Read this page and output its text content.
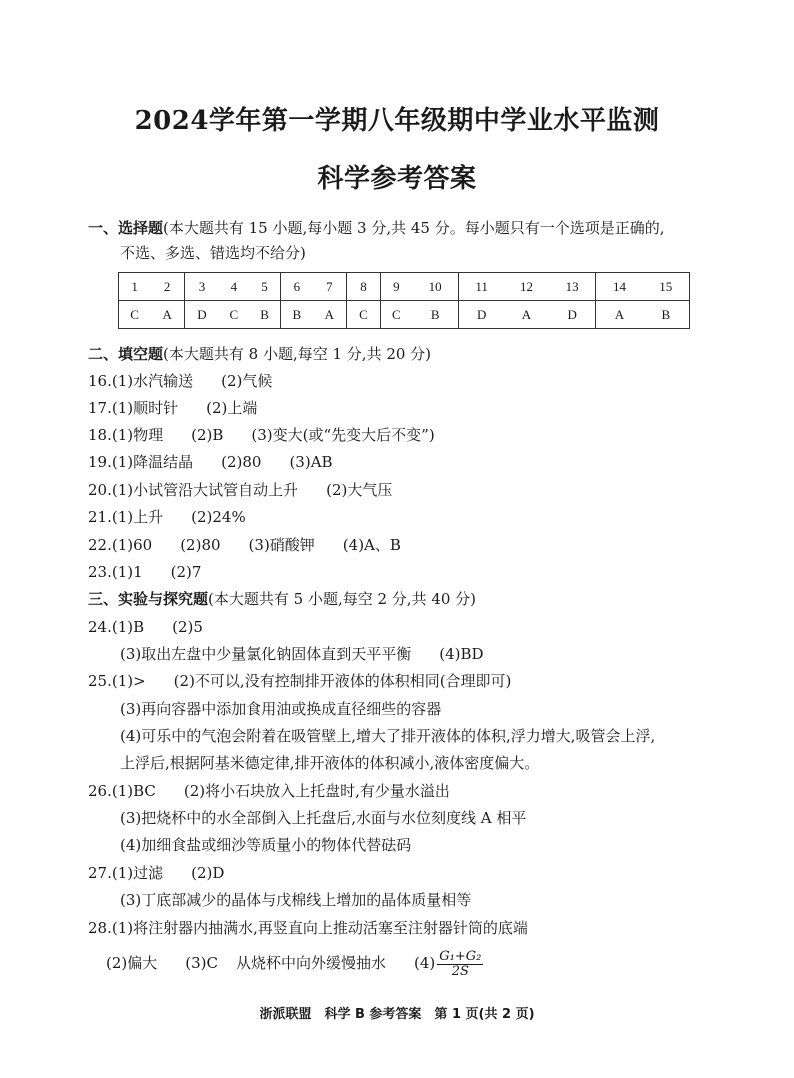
2024学年第一学期八年级期中学业水平监测
科学参考答案
一、选择题(本大题共有 15 小题,每小题 3 分,共 45 分。每小题只有一个选项是正确的,
不选、多选、错选均不给分)
1	2	3	4	5	6	7	8	9	10	11	12	13	14	15
C	A	D	C	B	B	A	C	C	B	D	A	D	A	B
二、填空题(本大题共有 8 小题,每空 1 分,共 20 分)
16.(1)水汽输送 (2)气候
17.(1)顺时针 (2)上端
18.(1)物理 (2)B (3)变大(或“先变大后不变”)
19.(1)降温结晶 (2)80 (3)AB
20.(1)小试管沿大试管自动上升 (2)大气压
21.(1)上升 (2)24%
22.(1)60 (2)80 (3)硝酸钾 (4)A、B
23.(1)1 (2)7
三、实验与探究题(本大题共有 5 小题,每空 2 分,共 40 分)
24.(1)B (2)5
(3)取出左盘中少量氯化钠固体直到天平平衡 (4)BD
25.(1)> (2)不可以,没有控制排开液体的体积相同(合理即可)
(3)再向容器中添加食用油或换成直径细些的容器
(4)可乐中的气泡会附着在吸管壁上,增大了排开液体的体积,浮力增大,吸管会上浮,
上浮后,根据阿基米德定律,排开液体的体积减小,液体密度偏大。
26.(1)BC (2)将小石块放入上托盘时,有少量水溢出
(3)把烧杯中的水全部倒入上托盘后,水面与水位刻度线 A 相平
(4)加细食盐或细沙等质量小的物体代替砝码
27.(1)过滤 (2)D
(3)丁底部减少的晶体与戊棉线上增加的晶体质量相等
28.(1)将注射器内抽满水,再竖直向上推动活塞至注射器针筒的底端
(2)偏大 (3)C 从烧杯中向外缓慢抽水 $(4) \frac{\text{G₁+G₂}}{2S}$
浙派联盟　科学 B 参考答案　第 1 页(共 2 页)
